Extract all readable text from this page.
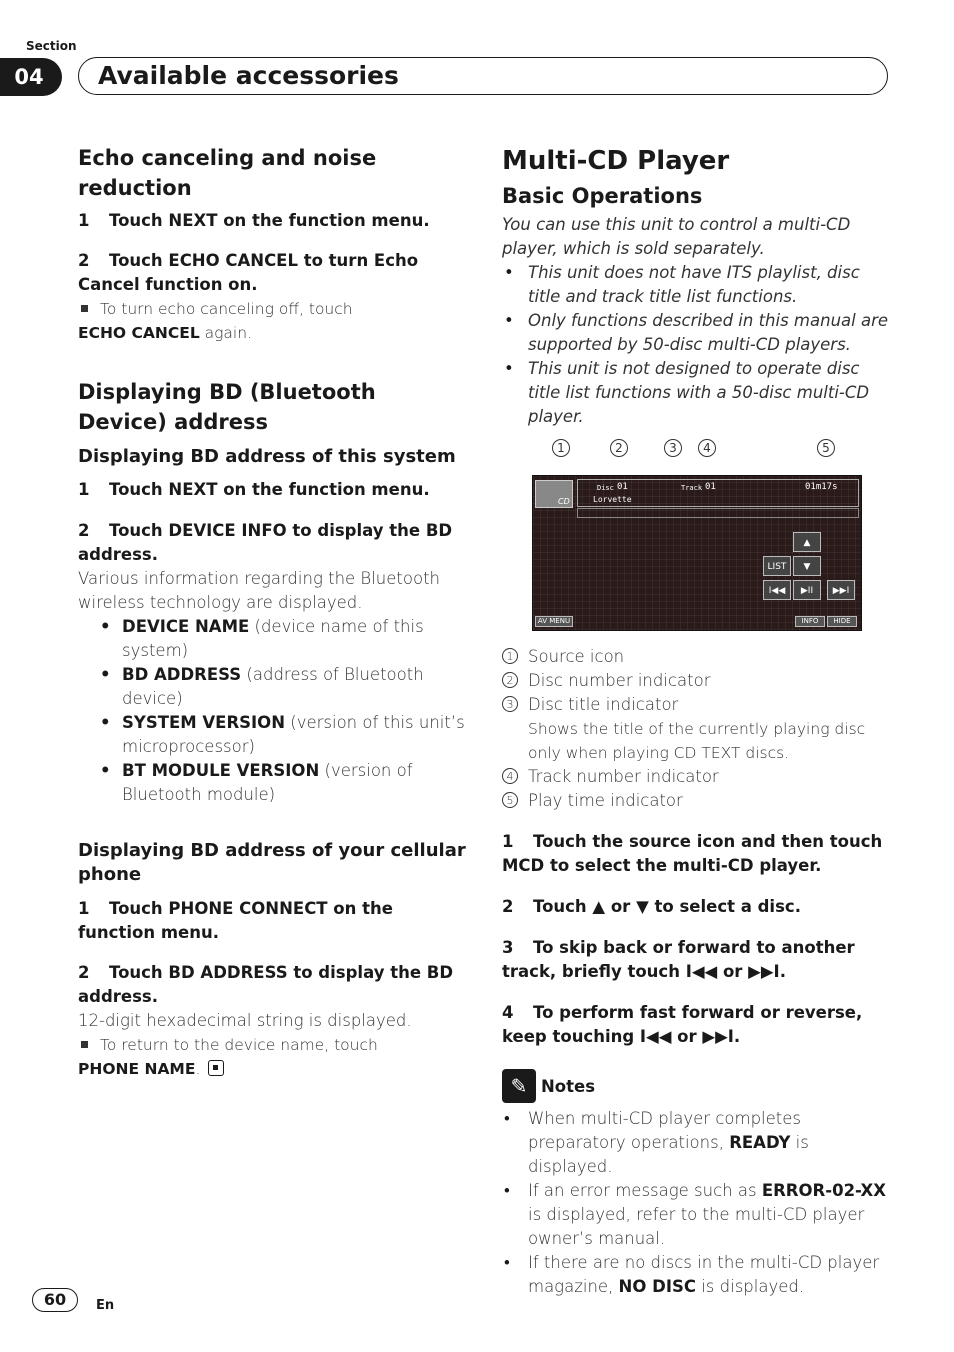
Section
04	Available accessories
Echo canceling and noise reduction

1 Touch NEXT on the function menu.

2 Touch ECHO CANCEL to turn Echo Cancel function on.

To turn echo canceling off, touch
ECHO CANCEL again.

Displaying BD (Bluetooth Device) address
Displaying BD address of this system

1 Touch NEXT on the function menu.

2 Touch DEVICE INFO to display the BD address.

Various information regarding the Bluetooth wireless technology are displayed.

• DEVICE NAME (device name of this system)
• BD ADDRESS (address of Bluetooth device)
• SYSTEM VERSION (version of this unit’s microprocessor)
• BT MODULE VERSION (version of Bluetooth module)
Displaying BD address of your cellular phone

1 Touch PHONE CONNECT on the function menu.

2 Touch BD ADDRESS to display the BD address.

12-digit hexadecimal string is displayed.

To return to the device name, touch
PHONE NAME.

Multi-CD Player
Basic Operations

You can use this unit to control a multi-CD player, which is sold separately.

• This unit does not have ITS playlist, disc title and track title list functions.
• Only functions described in this manual are supported by 50-disc multi-CD players.
• This unit is not designed to operate disc title list functions with a 50-disc multi-CD player.
1	2	3	4	5
CD
Disc 01	Track 01	01m17s
Lorvette
▲
LIST	▼
I◀◀	▶II	▶▶I
AV MENU	INFO	HIDE
1 Source icon
2 Disc number indicator
3 Disc title indicator
Shows the title of the currently playing disc only when playing CD TEXT discs.
4 Track number indicator
5 Play time indicator

1 Touch the source icon and then touch MCD to select the multi-CD player.

2 Touch ▲ or ▼ to select a disc.

3 To skip back or forward to another track, briefly touch I◀◀ or ▶▶I.

4 To perform fast forward or reverse, keep touching I◀◀ or ▶▶I.

✎ Notes
• When multi-CD player completes preparatory operations, READY is displayed.
• If an error message such as ERROR-02-XX is displayed, refer to the multi-CD player owner’s manual.
• If there are no discs in the multi-CD player magazine, NO DISC is displayed.
60	En
